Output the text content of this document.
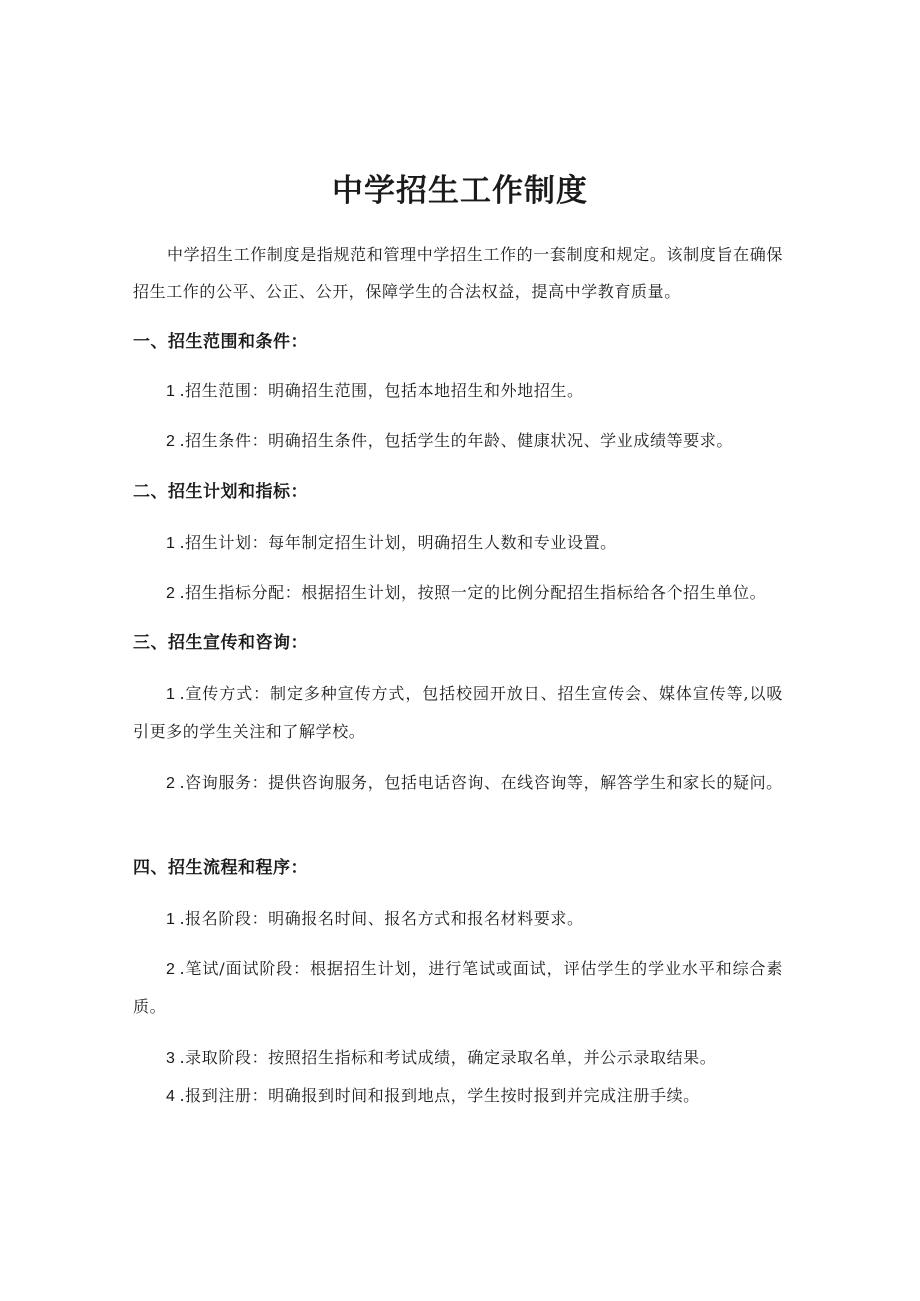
中学招生工作制度

中学招生工作制度是指规范和管理中学招生工作的一套制度和规定。该制度旨在确保招生工作的公平、公正、公开，保障学生的合法权益，提高中学教育质量。

一、招生范围和条件：

1 .招生范围：明确招生范围，包括本地招生和外地招生。

2 .招生条件：明确招生条件，包括学生的年龄、健康状况、学业成绩等要求。

二、招生计划和指标：

1 .招生计划：每年制定招生计划，明确招生人数和专业设置。

2 .招生指标分配：根据招生计划，按照一定的比例分配招生指标给各个招生单位。

三、招生宣传和咨询：

1 .宣传方式：制定多种宣传方式，包括校园开放日、招生宣传会、媒体宣传等,以吸引更多的学生关注和了解学校。

2 .咨询服务：提供咨询服务，包括电话咨询、在线咨询等，解答学生和家长的疑问。

四、招生流程和程序：

1 .报名阶段：明确报名时间、报名方式和报名材料要求。

2 .笔试/面试阶段：根据招生计划，进行笔试或面试，评估学生的学业水平和综合素质。

3 .录取阶段：按照招生指标和考试成绩，确定录取名单，并公示录取结果。

4 .报到注册：明确报到时间和报到地点，学生按时报到并完成注册手续。
